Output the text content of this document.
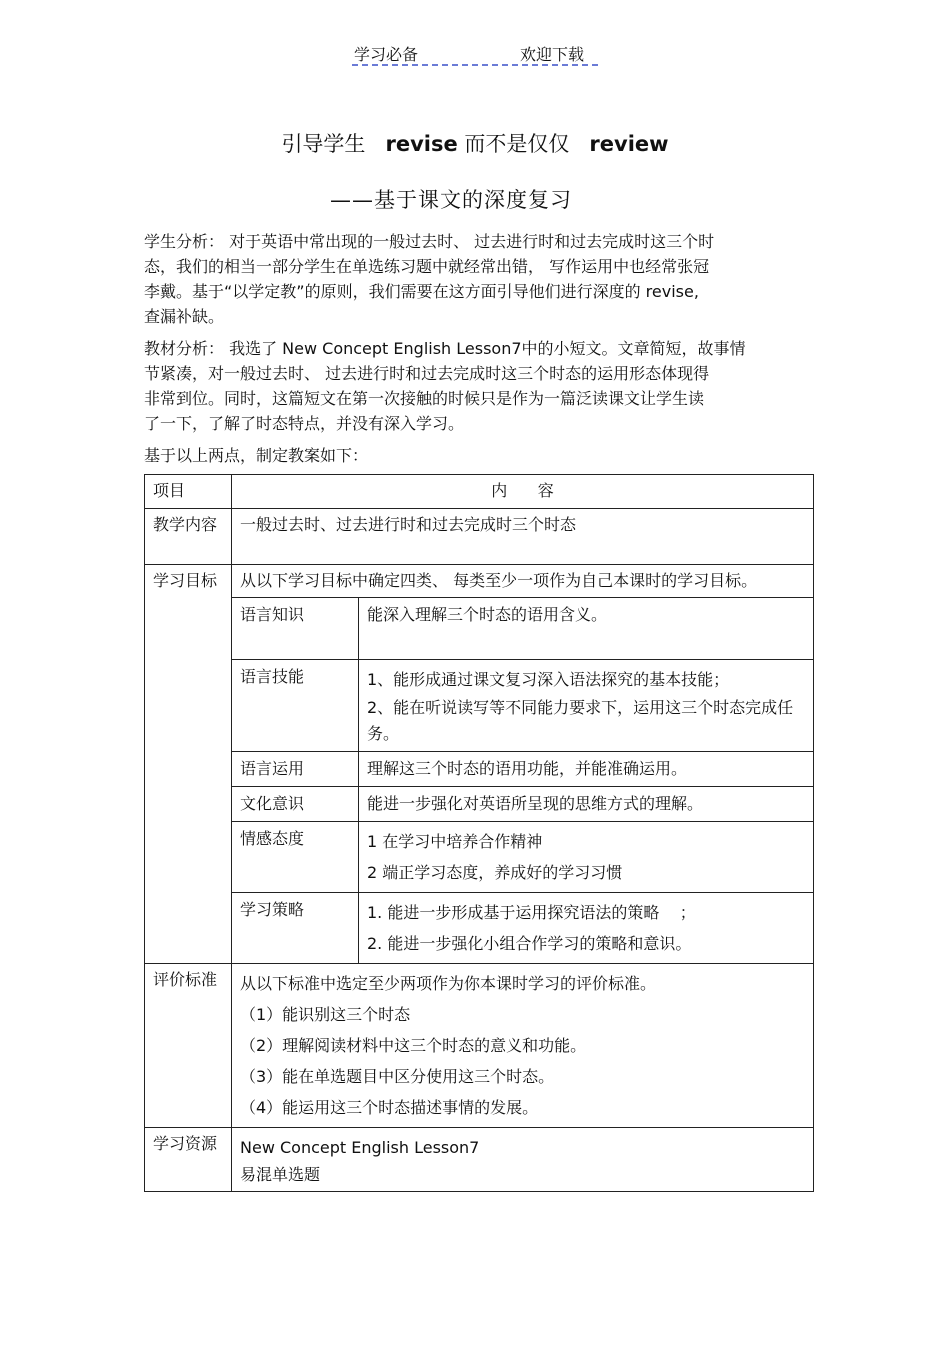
学习必备	欢迎下载
引导学生 revise 而不是仅仅 review
——基于课文的深度复习
学生分析： 对于英语中常出现的一般过去时、 过去进行时和过去完成时这三个时
态，我们的相当一部分学生在单选练习题中就经常出错， 写作运用中也经常张冠
李戴。基于“以学定教”的原则，我们需要在这方面引导他们进行深度的 revise,
查漏补缺。
教材分析： 我选了 New Concept English Lesson7中的小短文。文章简短，故事情
节紧凑，对一般过去时、 过去进行时和过去完成时这三个时态的运用形态体现得
非常到位。同时，这篇短文在第一次接触的时候只是作为一篇泛读课文让学生读
了一下，了解了时态特点，并没有深入学习。
基于以上两点，制定教案如下：
项目	内      容
教学内容	一般过去时、过去进行时和过去完成时三个时态
学习目标	从以下学习目标中确定四类、 每类至少一项作为自己本课时的学习目标。
语言知识	能深入理解三个时态的语用含义。

语言技能	1、能形成通过课文复习深入语法探究的基本技能；
2、能在听说读写等不同能力要求下，运用这三个时态完成任务。

语言运用	理解这三个时态的语用功能，并能准确运用。

文化意识	能进一步强化对英语所呈现的思维方式的理解。

情感态度	1 在学习中培养合作精神
2 端正学习态度，养成好的学习习惯

学习策略	1. 能进一步形成基于运用探究语法的策略    ；
2. 能进一步强化小组合作学习的策略和意识。

评价标准	从以下标准中选定至少两项作为你本课时学习的评价标准。
（1）能识别这三个时态
（2）理解阅读材料中这三个时态的意义和功能。
（3）能在单选题目中区分使用这三个时态。
（4）能运用这三个时态描述事情的发展。

学习资源	New Concept English Lesson7
易混单选题
